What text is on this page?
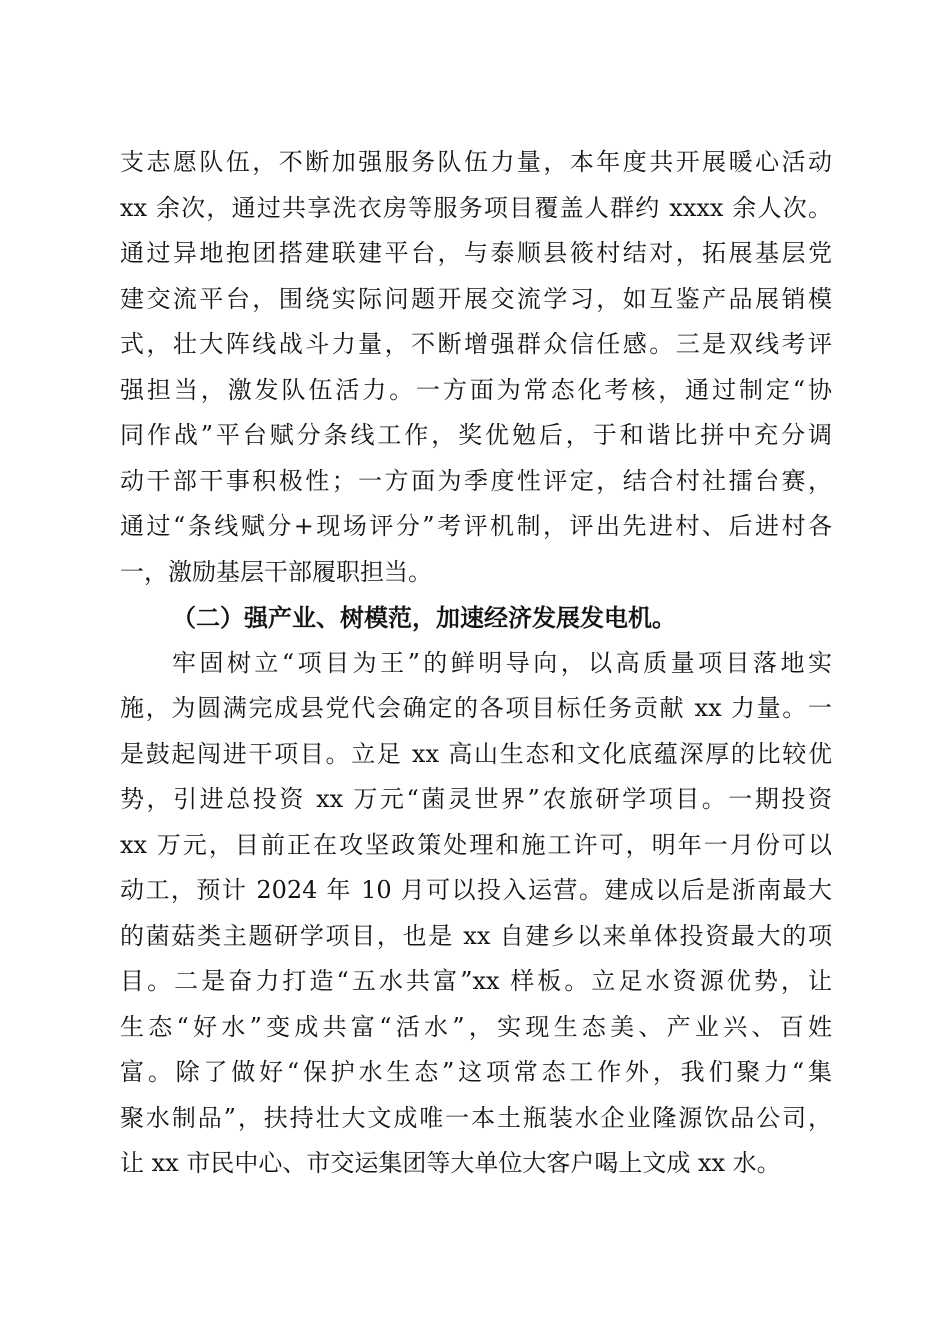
支志愿队伍，不断加强服务队伍力量，本年度共开展暖心活动
xx 余次，通过共享洗衣房等服务项目覆盖人群约 xxxx 余人次。
通过异地抱团搭建联建平台，与泰顺县筱村结对，拓展基层党
建交流平台，围绕实际问题开展交流学习，如互鉴产品展销模
式，壮大阵线战斗力量，不断增强群众信任感。三是双线考评
强担当，激发队伍活力。一方面为常态化考核，通过制定“协
同作战”平台赋分条线工作，奖优勉后，于和谐比拼中充分调
动干部干事积极性；一方面为季度性评定，结合村社擂台赛，
通过“条线赋分+现场评分”考评机制，评出先进村、后进村各
一，激励基层干部履职担当。
（二）强产业、树模范，加速经济发展发电机。
牢固树立“项目为王”的鲜明导向，以高质量项目落地实
施，为圆满完成县党代会确定的各项目标任务贡献 xx 力量。一
是鼓起闯进干项目。立足 xx 高山生态和文化底蕴深厚的比较优
势，引进总投资 xx 万元“菌灵世界”农旅研学项目。一期投资
xx 万元，目前正在攻坚政策处理和施工许可，明年一月份可以
动工，预计 2024 年 10 月可以投入运营。建成以后是浙南最大
的菌菇类主题研学项目，也是 xx 自建乡以来单体投资最大的项
目。二是奋力打造“五水共富”xx 样板。立足水资源优势，让
生态“好水”变成共富“活水”，实现生态美、产业兴、百姓
富。除了做好“保护水生态”这项常态工作外，我们聚力“集
聚水制品”，扶持壮大文成唯一本土瓶装水企业隆源饮品公司，
让 xx 市民中心、市交运集团等大单位大客户喝上文成 xx 水。
